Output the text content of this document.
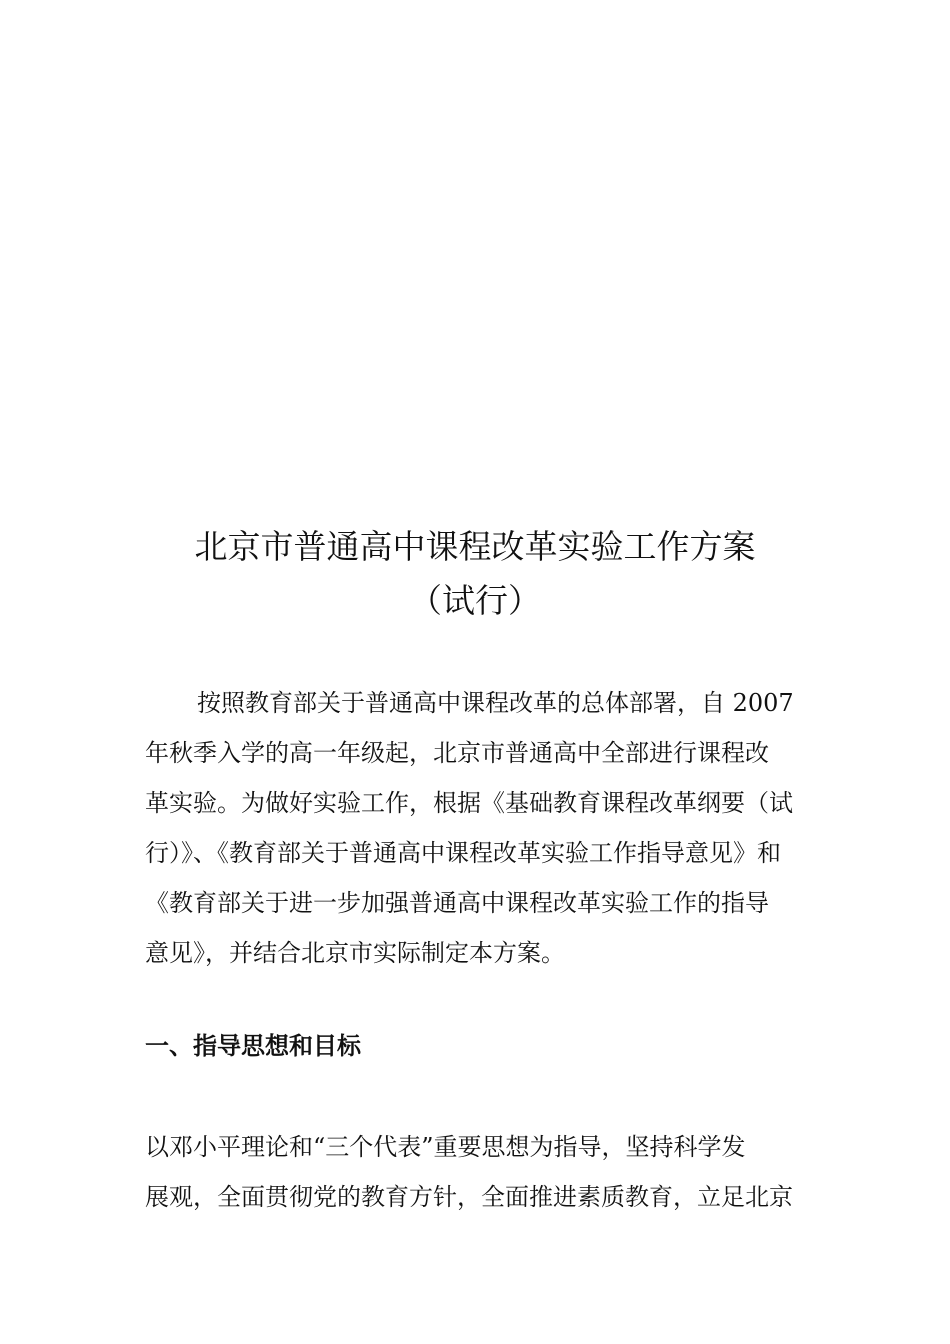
北京市普通高中课程改革实验工作方案
（试行）
按照教育部关于普通高中课程改革的总体部署，自 2007
年秋季入学的高一年级起，北京市普通高中全部进行课程改
革实验。为做好实验工作，根据《基础教育课程改革纲要（试
行）》、《教育部关于普通高中课程改革实验工作指导意见》和
《教育部关于进一步加强普通高中课程改革实验工作的指导
意见》，并结合北京市实际制定本方案。
一、指导思想和目标
以邓小平理论和“三个代表”重要思想为指导，坚持科学发
展观，全面贯彻党的教育方针，全面推进素质教育，立足北京
